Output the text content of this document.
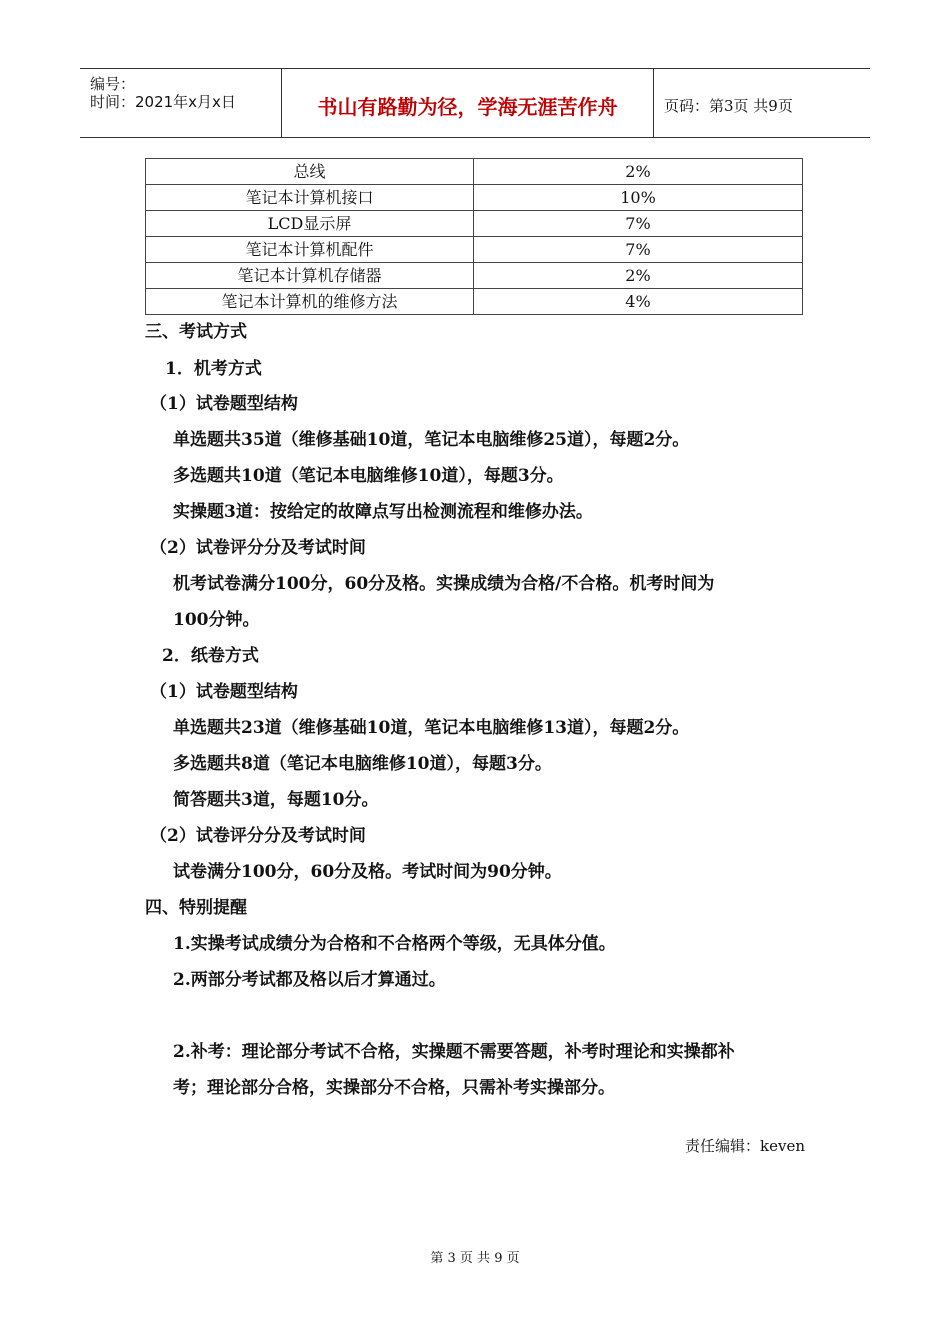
编号：
时间：2021年x月x日	书山有路勤为径，学海无涯苦作舟	页码：第3页 共9页
总线	2%
笔记本计算机接口	10%
LCD显示屏	7%
笔记本计算机配件	7%
笔记本计算机存储器	2%
笔记本计算机的维修方法	4%
三、考试方式
1．机考方式
（1）试卷题型结构
单选题共35道（维修基础10道，笔记本电脑维修25道），每题2分。
多选题共10道（笔记本电脑维修10道），每题3分。
实操题3道：按给定的故障点写出检测流程和维修办法。
（2）试卷评分分及考试时间
机考试卷满分100分，60分及格。实操成绩为合格/不合格。机考时间为
100分钟。
2．纸卷方式
（1）试卷题型结构
单选题共23道（维修基础10道，笔记本电脑维修13道），每题2分。
多选题共8道（笔记本电脑维修10道），每题3分。
简答题共3道，每题10分。
（2）试卷评分分及考试时间
试卷满分100分，60分及格。考试时间为90分钟。
四、特别提醒
1.实操考试成绩分为合格和不合格两个等级，无具体分值。
2.两部分考试都及格以后才算通过。
2.补考：理论部分考试不合格，实操题不需要答题，补考时理论和实操都补
考；理论部分合格，实操部分不合格，只需补考实操部分。
责任编辑：keven
第 3 页 共 9 页
